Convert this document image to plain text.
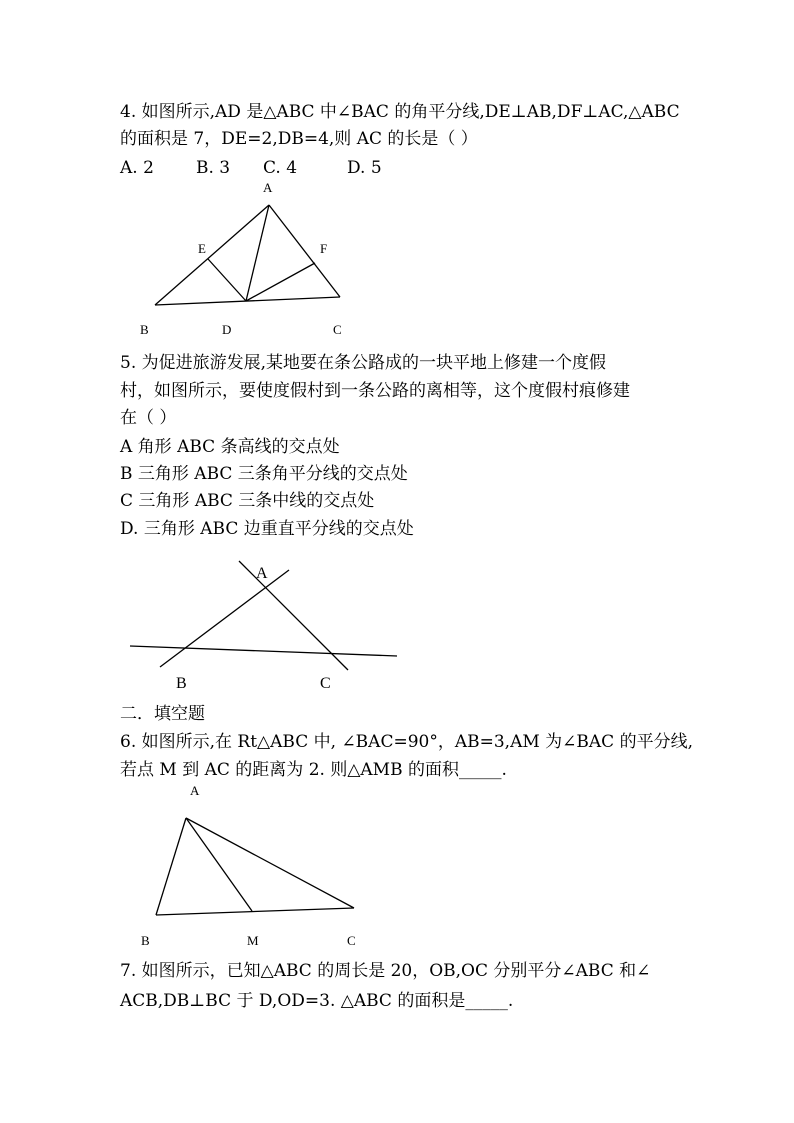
4. 如图所示,AD 是△ABC 中∠BAC 的角平分线,DE⊥AB,DF⊥AC,△ABC
的面积是 7，DE=2,DB=4,则 AC 的长是（ ）
A. 2 B. 3 C. 4	D. 5
A
E	F
B	D	C
5. 为促进旅游发展,某地要在条公路成的一块平地上修建一个度假
村，如图所示，要使度假村到一条公路的离相等，这个度假村痕修建
在（ ）
A 角形 ABC 条高线的交点处
B 三角形 ABC 三条角平分线的交点处
C 三角形 ABC 三条中线的交点处
D. 三角形 ABC 边重直平分线的交点处
A
B	C
二．填空题
6. 如图所示,在 Rt△ABC 中, ∠BAC=90°，AB=3,AM 为∠BAC 的平分线,
若点 M 到 AC 的距离为 2. 则△AMB 的面积_____.
A
B	M	C
7. 如图所示，已知△ABC 的周长是 20，OB,OC 分别平分∠ABC 和∠
ACB,DB⊥BC 于 D,OD=3. △ABC 的面积是_____.
